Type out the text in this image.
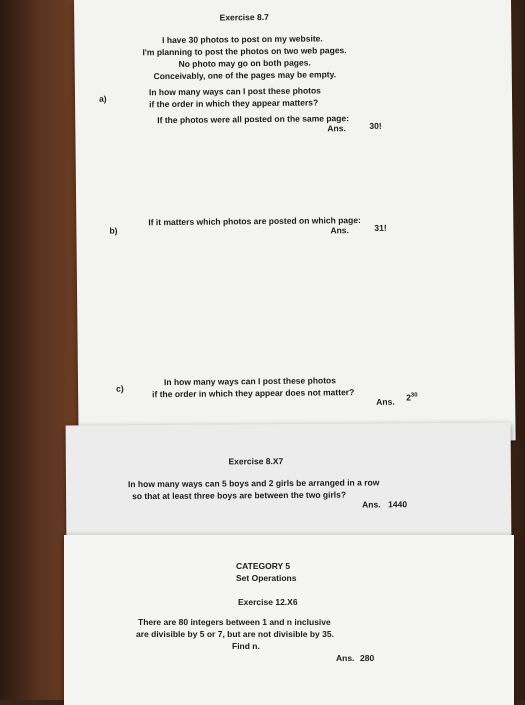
Exercise 8.7
I have 30 photos to post on my website.
I'm planning to post the photos on two web pages.
No photo may go on both pages.
Conceivably, one of the pages may be empty.
a)
In how many ways can I post these photos
if the order in which they appear matters?
If the photos were all posted on the same page:
Ans.	30!
b)
If it matters which photos are posted on which page:
Ans.	31!
c)
In how many ways can I post these photos
if the order in which they appear does not matter?
Ans. $2^{30}$
Exercise 8.X7
In how many ways can 5 boys and 2 girls be arranged in a row
so that at least three boys are between the two girls?
Ans. 1440
CATEGORY 5
Set Operations
Exercise 12.X6
There are 80 integers between 1 and n inclusive
are divisible by 5 or 7, but are not divisible by 35.
Find n.
Ans. 280
